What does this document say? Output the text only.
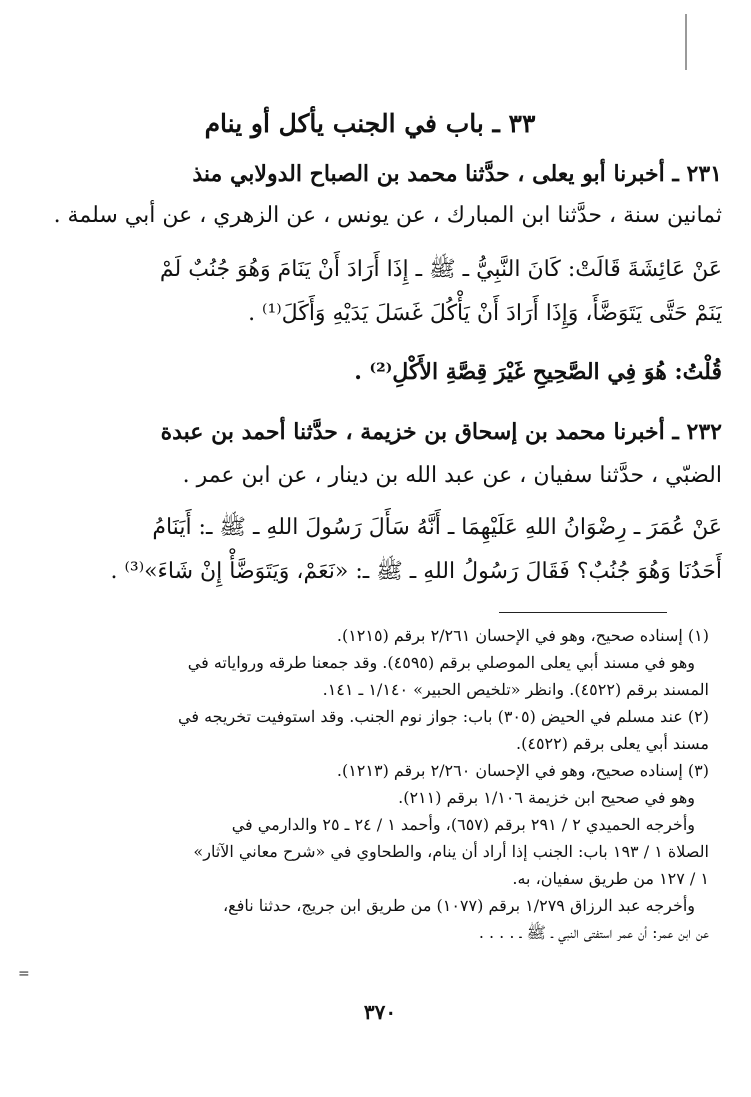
=
٣٣ ـ باب في الجنب يأكل أو ينام
٢٣١ ـ أخبرنا أبو يعلى ، حدَّثنا محمد بن الصباح الدولابي منذ
ثمانين سنة ، حدَّثنا ابن المبارك ، عن يونس ، عن الزهري ، عن أبي سلمة .
عَنْ عَائِشَةَ قَالَتْ: كَانَ النَّبِيُّ ـ ﷺ ـ إِذَا أَرَادَ أَنْ يَنَامَ وَهُوَ جُنُبٌ لَمْ
يَنَمْ حَتَّى يَتَوَضَّأَ، وَإِذَا أَرَادَ أَنْ يَأْكُلَ غَسَلَ يَدَيْهِ وَأَكَلَ⁽¹⁾ .
قُلْتُ: هُوَ فِي الصَّحِيحِ غَيْرَ قِصَّةِ الأَكْلِ⁽²⁾ .
٢٣٢ ـ أخبرنا محمد بن إسحاق بن خزيمة ، حدَّثنا أحمد بن عبدة
الضبّي ، حدَّثنا سفيان ، عن عبد الله بن دينار ، عن ابن عمر .
عَنْ عُمَرَ ـ رِضْوَانُ اللهِ عَلَيْهِمَا ـ أَنَّهُ سَأَلَ رَسُولَ اللهِ ـ ﷺ ـ: أَيَنَامُ
أَحَدُنَا وَهُوَ جُنُبٌ؟ فَقَالَ رَسُولُ اللهِ ـ ﷺ ـ: «نَعَمْ، وَيَتَوَضَّأْ إِنْ شَاءَ»⁽³⁾ .
(١) إسناده صحيح، وهو في الإحسان ٢/٢٦١ برقم (١٢١٥).
وهو في مسند أبي يعلى الموصلي برقم (٤٥٩٥). وقد جمعنا طرقه ورواياته في
المسند برقم (٤٥٢٢). وانظر «تلخيص الحبير» ١/١٤٠ ـ ١٤١.
(٢) عند مسلم في الحيض (٣٠٥) باب: جواز نوم الجنب. وقد استوفيت تخريجه في
مسند أبي يعلى برقم (٤٥٢٢).
(٣) إسناده صحيح، وهو في الإحسان ٢/٢٦٠ برقم (١٢١٣).
وهو في صحيح ابن خزيمة ١/١٠٦ برقم (٢١١).
وأخرجه الحميدي ٢ / ٢٩١ برقم (٦٥٧)، وأحمد ١ / ٢٤ ـ ٢٥ والدارمي في
الصلاة ١ / ١٩٣ باب: الجنب إذا أراد أن ينام، والطحاوي في «شرح معاني الآثار»
١ / ١٢٧ من طريق سفيان، به.
وأخرجه عبد الرزاق ١/٢٧٩ برقم (١٠٧٧) من طريق ابن جريج، حدثنا نافع،
عن ابن عمر: أن عمر استفتى النبي ـ ﷺ ـ . . . .
٣٧٠
